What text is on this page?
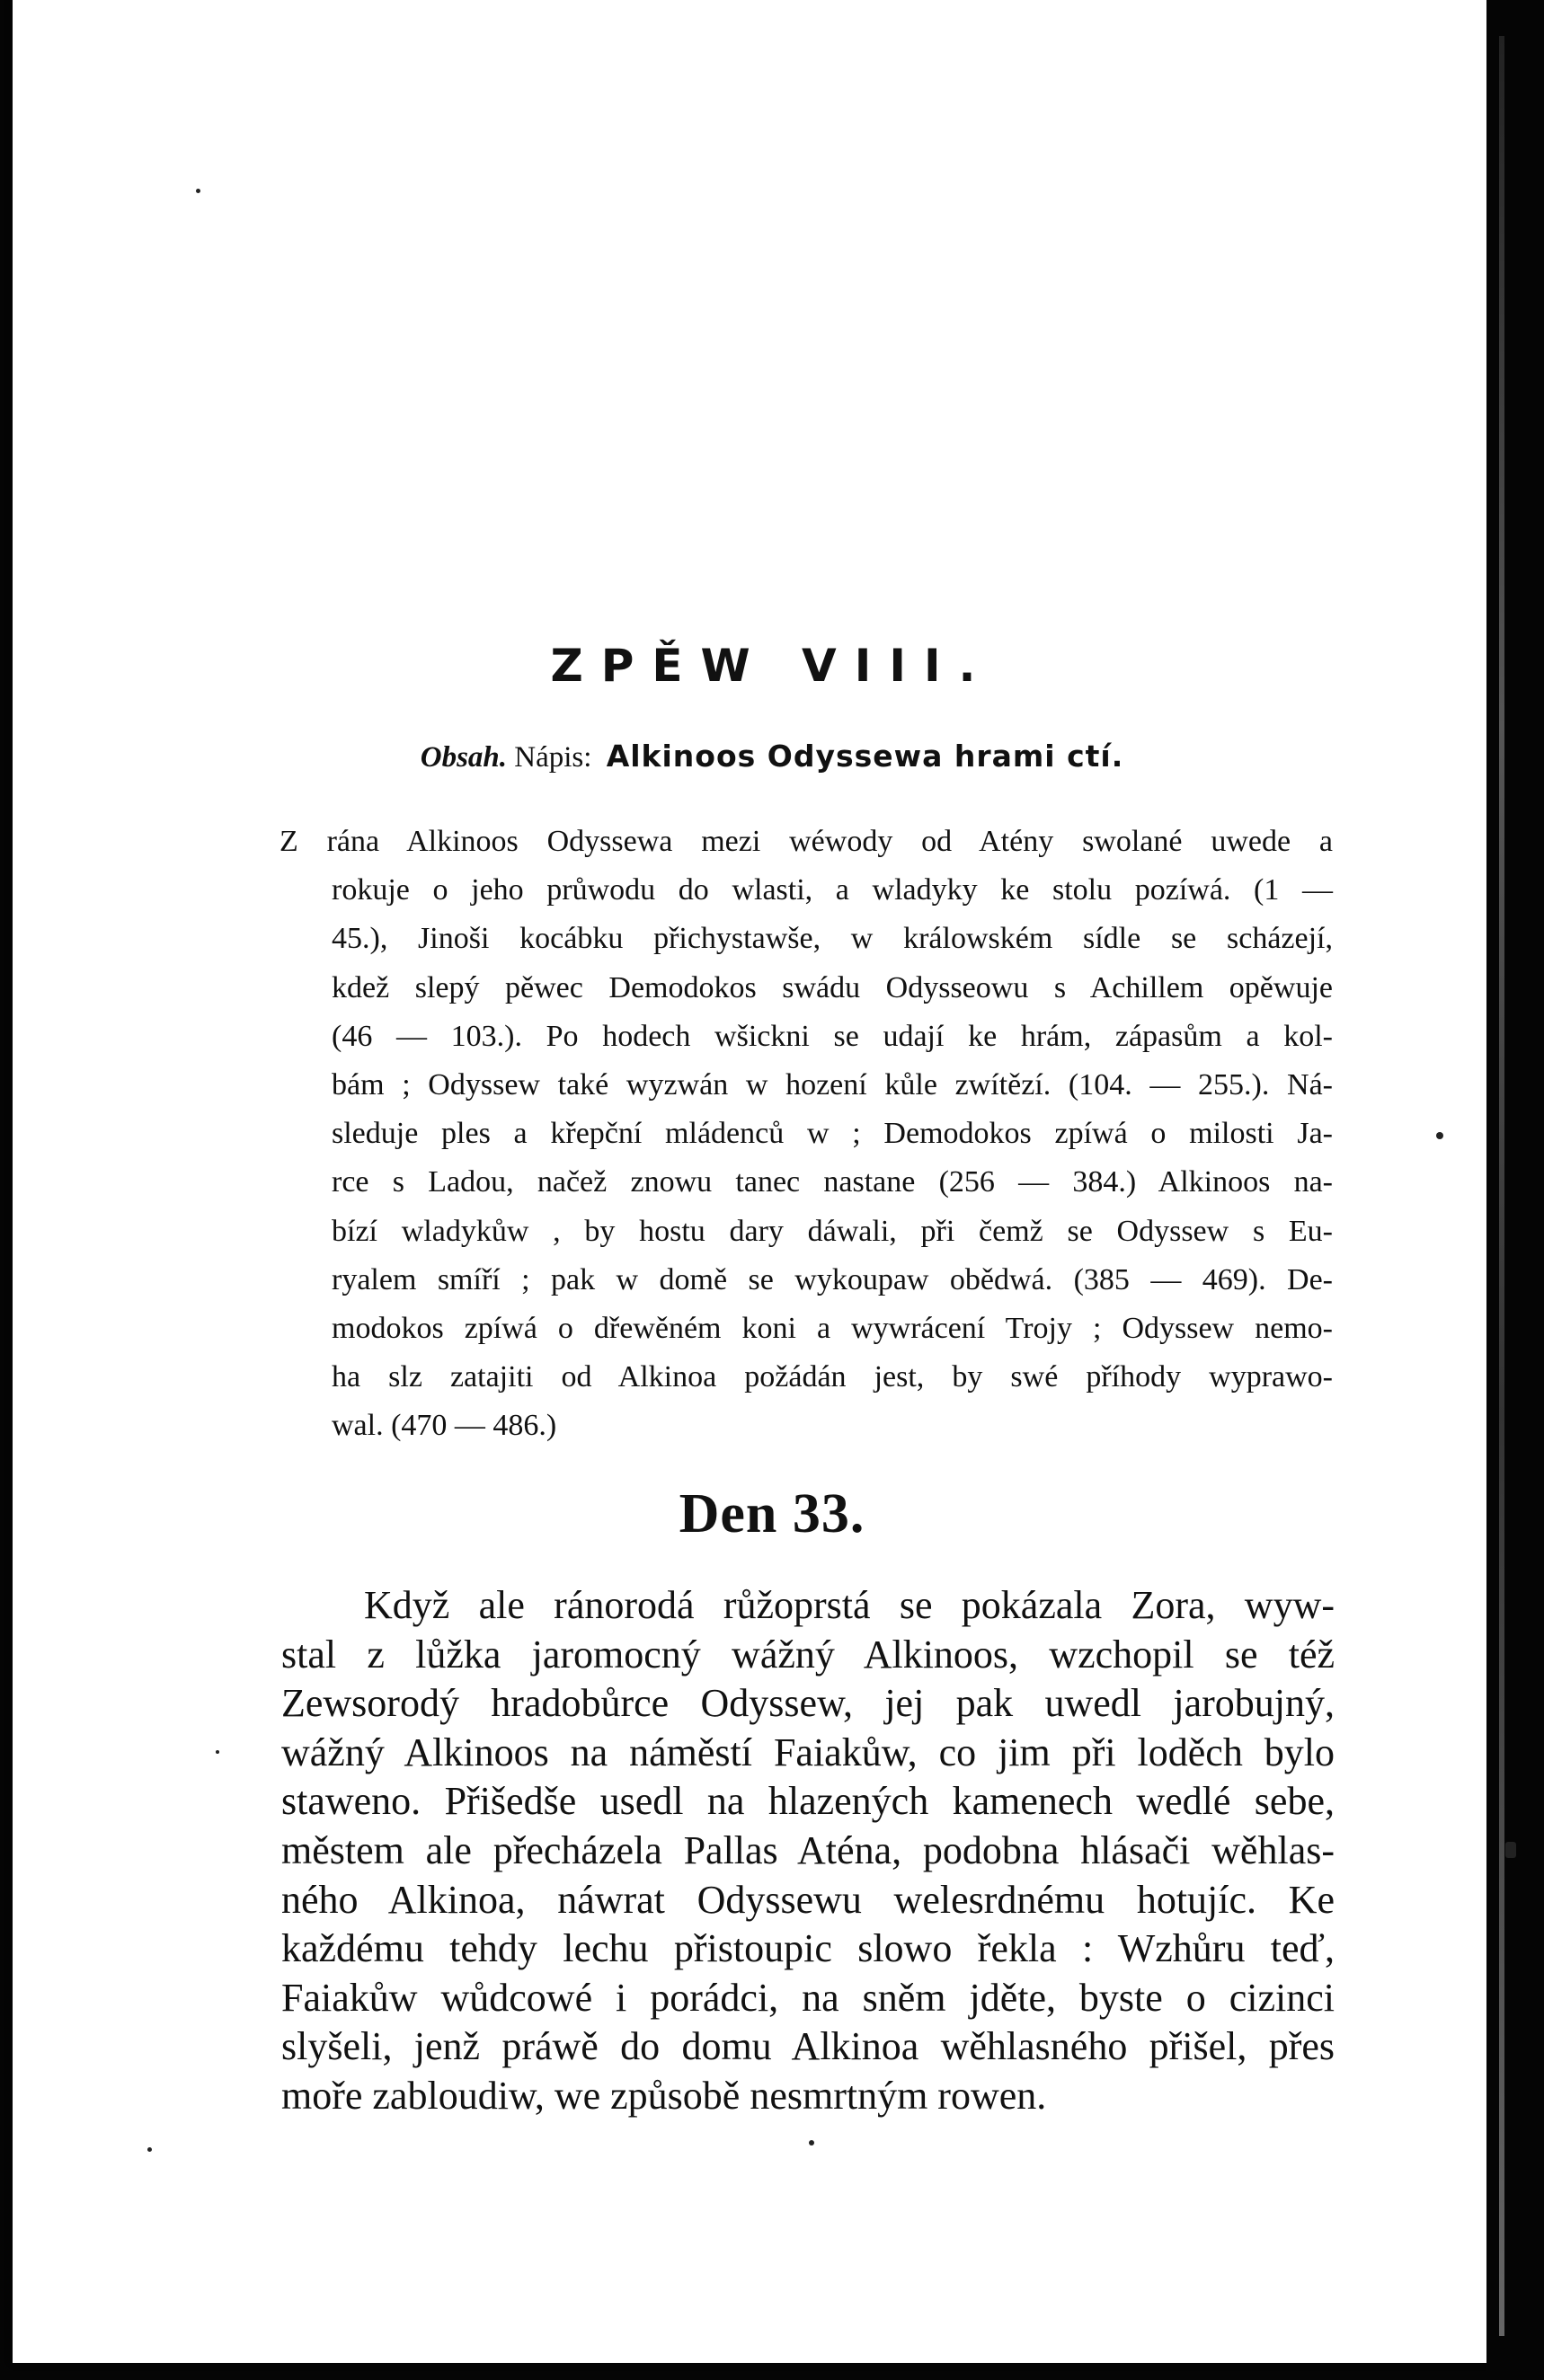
ZPĚW VIII.
Obsah. Nápis: Alkinoos Odyssewa hrami ctí.
Z rána Alkinoos Odyssewa mezi wéwody od Atény swolané uwede a
rokuje o jeho průwodu do wlasti, a wladyky ke stolu pozíwá. (1 —
45.), Jinoši kocábku přichystawše, w králowském sídle se scházejí,
kdež slepý pěwec Demodokos swádu Odysseowu s Achillem opěwuje
(46 — 103.). Po hodech wšickni se udají ke hrám, zápasům a kol-
bám ; Odyssew také wyzwán w hození kůle zwítězí. (104. — 255.). Ná-
sleduje ples a křepční mládenců w ; Demodokos zpíwá o milosti Ja-
rce s Ladou, načež znowu tanec nastane (256 — 384.) Alkinoos na-
bízí wladykůw , by hostu dary dáwali, při čemž se Odyssew s Eu-
ryalem smíří ; pak w domě se wykoupaw obědwá. (385 — 469). De-
modokos zpíwá o dřewěném koni a wywrácení Trojy ; Odyssew nemo-
ha slz zatajiti od Alkinoa požádán jest, by swé příhody wyprawo-
wal. (470 — 486.)
Den 33.
Když ale ránorodá růžoprstá se pokázala Zora, wyw-
stal z lůžka jaromocný wážný Alkinoos, wzchopil se též
Zewsorodý hradobůrce Odyssew, jej pak uwedl jarobujný,
wážný Alkinoos na náměstí Faiakůw, co jim při loděch bylo
staweno. Přišedše usedl na hlazených kamenech wedlé sebe,
městem ale přecházela Pallas Aténa, podobna hlásači wěhlas-
ného Alkinoa, náwrat Odyssewu welesrdnému hotujíc. Ke
každému tehdy lechu přistoupic slowo řekla : Wzhůru teď,
Faiakůw wůdcowé i porádci, na sněm jděte, byste o cizinci
slyšeli, jenž práwě do domu Alkinoa wěhlasného přišel, přes
moře zabloudiw, we způsobě nesmrtným rowen.
